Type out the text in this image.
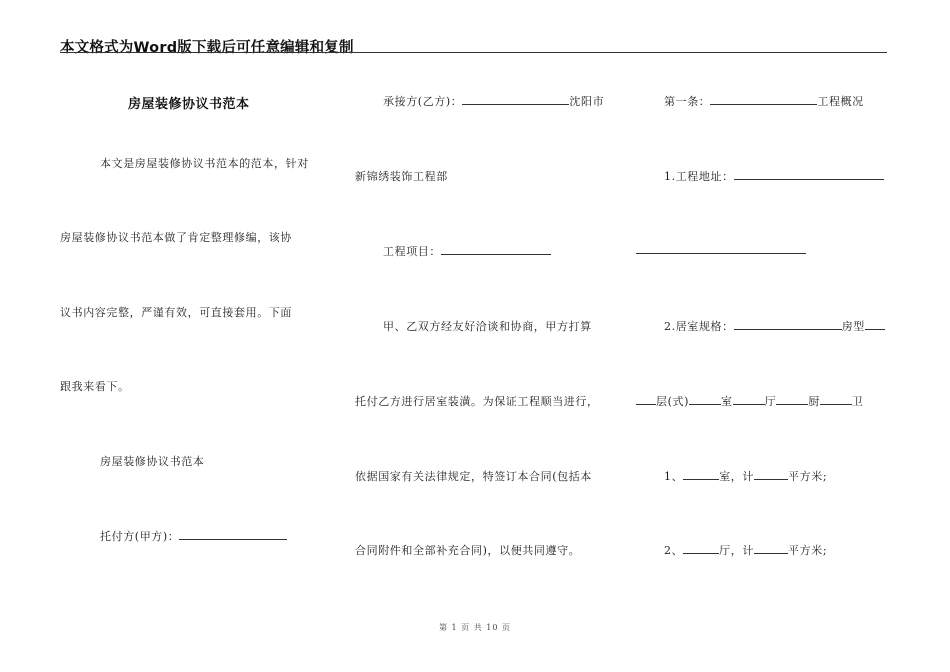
本文格式为Word版下载后可任意编辑和复制
房屋装修协议书范本
本文是房屋装修协议书范本的范本，针对
房屋装修协议书范本做了肯定整理修编，该协
议书内容完整，严谨有效，可直接套用。下面
跟我来看下。
房屋装修协议书范本
托付方(甲方)：
承接方(乙方)：	沈阳市
新锦绣装饰工程部
工程项目：
甲、乙双方经友好洽谈和协商，甲方打算
托付乙方进行居室装潢。为保证工程顺当进行，
依据国家有关法律规定，特签订本合同(包括本
合同附件和全部补充合同)，以便共同遵守。
第一条：	工程概况
1.工程地址：
2.居室规格：	房型
层(式)	室	厅	厨	卫
1、	室，计	平方米;
2、	厅，计	平方米;
第 1 页 共 10 页
